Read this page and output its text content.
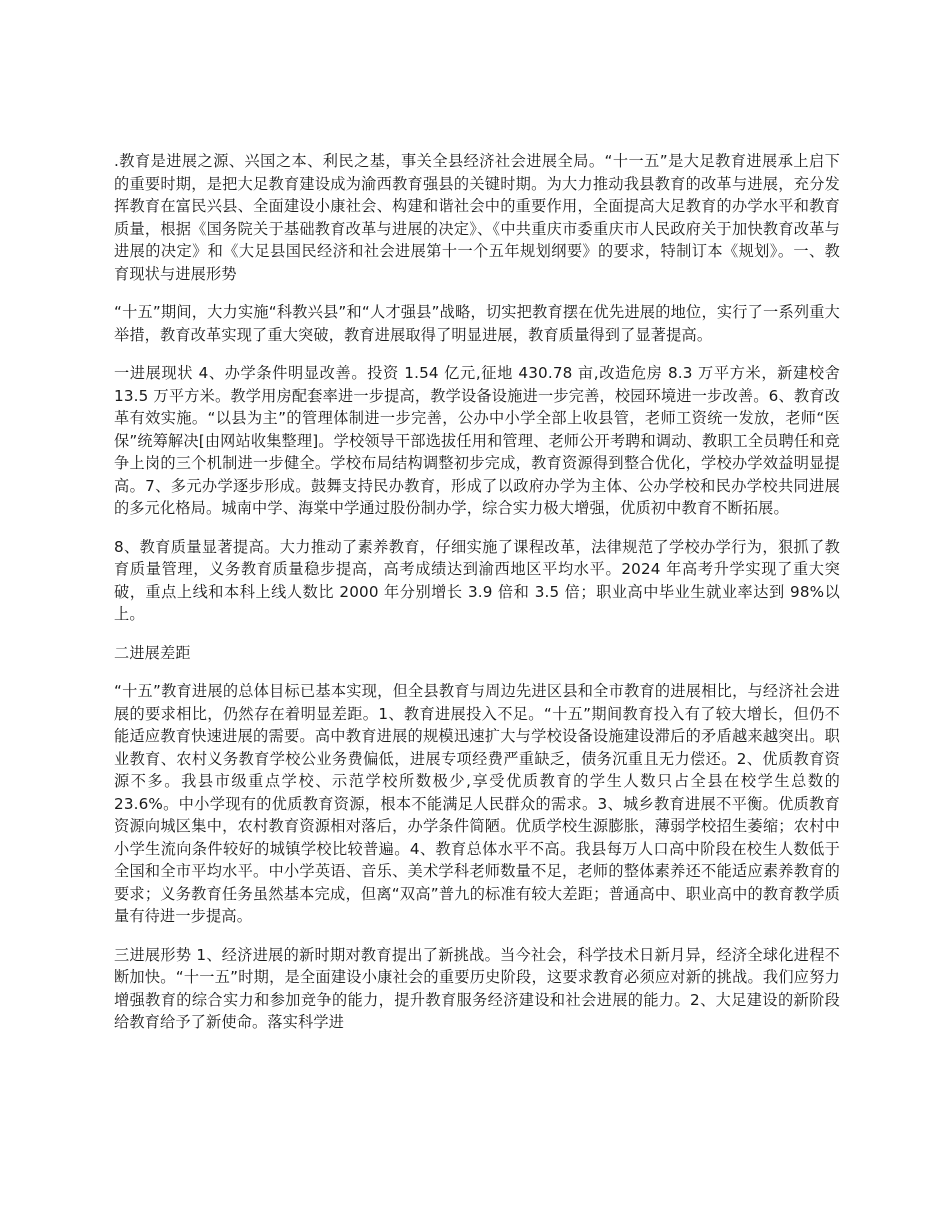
.教育是进展之源、兴国之本、利民之基，事关全县经济社会进展全局。“十一五”是大足教育进展承上启下的重要时期，是把大足教育建设成为渝西教育强县的关键时期。为大力推动我县教育的改革与进展，充分发挥教育在富民兴县、全面建设小康社会、构建和谐社会中的重要作用，全面提高大足教育的办学水平和教育质量，根据《国务院关于基础教育改革与进展的决定》、《中共重庆市委重庆市人民政府关于加快教育改革与进展的决定》和《大足县国民经济和社会进展第十一个五年规划纲要》的要求，特制订本《规划》。一、教育现状与进展形势

“十五”期间，大力实施“科教兴县”和“人才强县”战略，切实把教育摆在优先进展的地位，实行了一系列重大举措，教育改革实现了重大突破，教育进展取得了明显进展，教育质量得到了显著提高。

一进展现状 4、办学条件明显改善。投资 1.54 亿元,征地 430.78 亩,改造危房 8.3 万平方米，新建校舍 13.5 万平方米。教学用房配套率进一步提高，教学设备设施进一步完善，校园环境进一步改善。6、教育改革有效实施。“以县为主”的管理体制进一步完善，公办中小学全部上收县管，老师工资统一发放，老师“医保”统筹解决[由网站收集整理]。学校领导干部选拔任用和管理、老师公开考聘和调动、教职工全员聘任和竞争上岗的三个机制进一步健全。学校布局结构调整初步完成，教育资源得到整合优化，学校办学效益明显提高。7、多元办学逐步形成。鼓舞支持民办教育，形成了以政府办学为主体、公办学校和民办学校共同进展的多元化格局。城南中学、海棠中学通过股份制办学，综合实力极大增强，优质初中教育不断拓展。

8、教育质量显著提高。大力推动了素养教育，仔细实施了课程改革，法律规范了学校办学行为，狠抓了教育质量管理，义务教育质量稳步提高，高考成绩达到渝西地区平均水平。2024 年高考升学实现了重大突破，重点上线和本科上线人数比 2000 年分别增长 3.9 倍和 3.5 倍；职业高中毕业生就业率达到 98%以上。

二进展差距

“十五”教育进展的总体目标已基本实现，但全县教育与周边先进区县和全市教育的进展相比，与经济社会进展的要求相比，仍然存在着明显差距。1、教育进展投入不足。“十五”期间教育投入有了较大增长，但仍不能适应教育快速进展的需要。高中教育进展的规模迅速扩大与学校设备设施建设滞后的矛盾越来越突出。职业教育、农村义务教育学校公业务费偏低，进展专项经费严重缺乏，债务沉重且无力偿还。2、优质教育资源不多。我县市级重点学校、示范学校所数极少,享受优质教育的学生人数只占全县在校学生总数的 23.6%。中小学现有的优质教育资源，根本不能满足人民群众的需求。3、城乡教育进展不平衡。优质教育资源向城区集中，农村教育资源相对落后，办学条件简陋。优质学校生源膨胀，薄弱学校招生萎缩；农村中小学生流向条件较好的城镇学校比较普遍。4、教育总体水平不高。我县每万人口高中阶段在校生人数低于全国和全市平均水平。中小学英语、音乐、美术学科老师数量不足，老师的整体素养还不能适应素养教育的要求；义务教育任务虽然基本完成，但离“双高”普九的标准有较大差距；普通高中、职业高中的教育教学质量有待进一步提高。

三进展形势 1、经济进展的新时期对教育提出了新挑战。当今社会，科学技术日新月异，经济全球化进程不断加快。“十一五”时期，是全面建设小康社会的重要历史阶段，这要求教育必须应对新的挑战。我们应努力增强教育的综合实力和参加竞争的能力，提升教育服务经济建设和社会进展的能力。2、大足建设的新阶段给教育给予了新使命。落实科学进
